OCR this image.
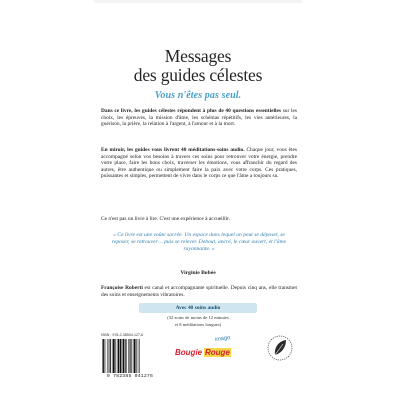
Messages
des guides célestes
Vous n'êtes pas seul.
Dans ce livre, les guides célestes répondent à plus de 40 questions essentielles sur les choix, les épreuves, la mission d'âme, les schémas répétitifs, les vies antérieures, la guérison, la prière, la relation à l'argent, à l'amour et à la mort.
En miroir, les guides vous livrent 40 méditations-soins audio. Chaque jour, vous êtes accompagné selon vos besoins à travers ces soins pour retrouver votre énergie, prendre votre place, faire les bons choix, traverser les émotions, vous affranchir du regard des autres, être authentique ou simplement faire la paix avec votre corps. Ces pratiques, puissantes et simples, permettent de vivre dans le corps ce que l'âme a toujours su.
Ce n'est pas un livre à lire. C'est une expérience à accueillir.
« Ce livre est une voûte sacrée. Un espace dans lequel on peut se déposer, se reposer, se retrouver… puis se relever. Debout, ancré, le cœur ouvert, et l'âme rayonnante. »
Virginie Bobée
Françoise Roberti est canal et accompagnante spirituelle. Depuis cinq ans, elle transmet des soins et enseignements vibratoires.
Avec 40 soins audio
(32 soins de moins de 12 minutes
et 8 méditations longues)
ISBN : 978-2-38504-127-6
9 782385 041276
imago
Bougie Rouge
